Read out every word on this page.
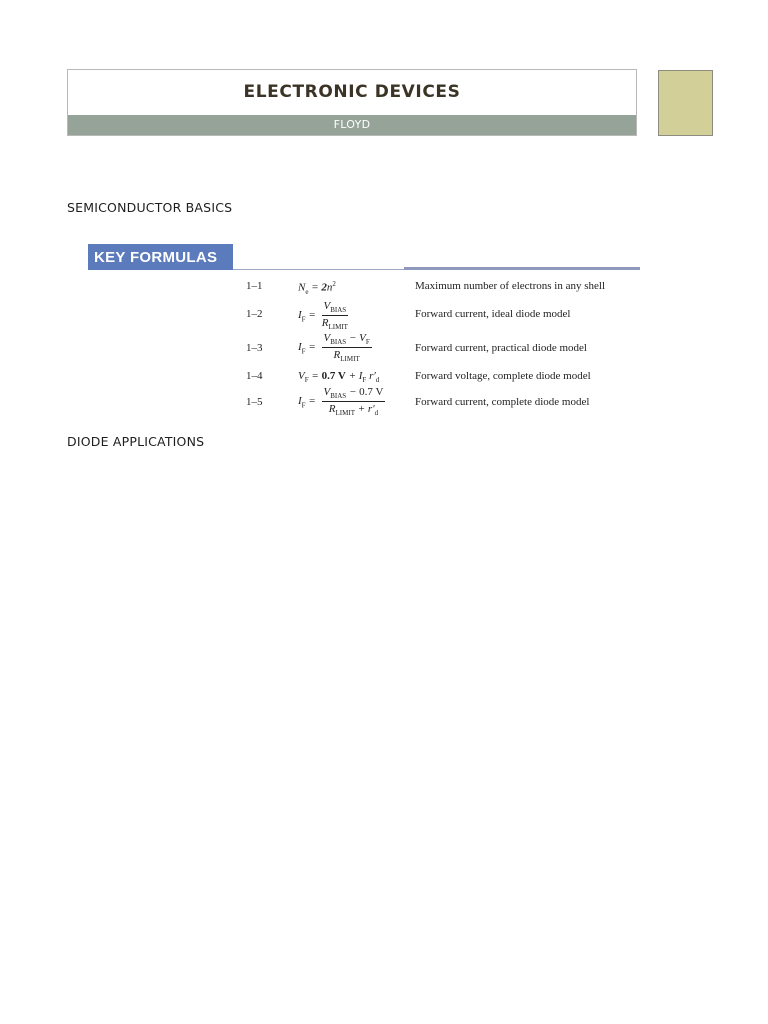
ELECTRONIC DEVICES
FLOYD
SEMICONDUCTOR BASICS
KEY FORMULAS
1–1	$N_e = 2n^2$	Maximum number of electrons in any shell
1–2	$I_F = \frac{V_{BIAS}}{R_{LIMIT}}$	Forward current, ideal diode model
1–3	$I_F = \frac{V_{BIAS} - V_F}{R_{LIMIT}}$	Forward current, practical diode model
1–4	$V_F = 0.7$ $V + I_F$ $r'_d$	Forward voltage, complete diode model
1–5	$I_F = \frac{V_{BIAS} - 0.7 V}{R_{LIMIT} + r'_d}$	Forward current, complete diode model
DIODE APPLICATIONS
